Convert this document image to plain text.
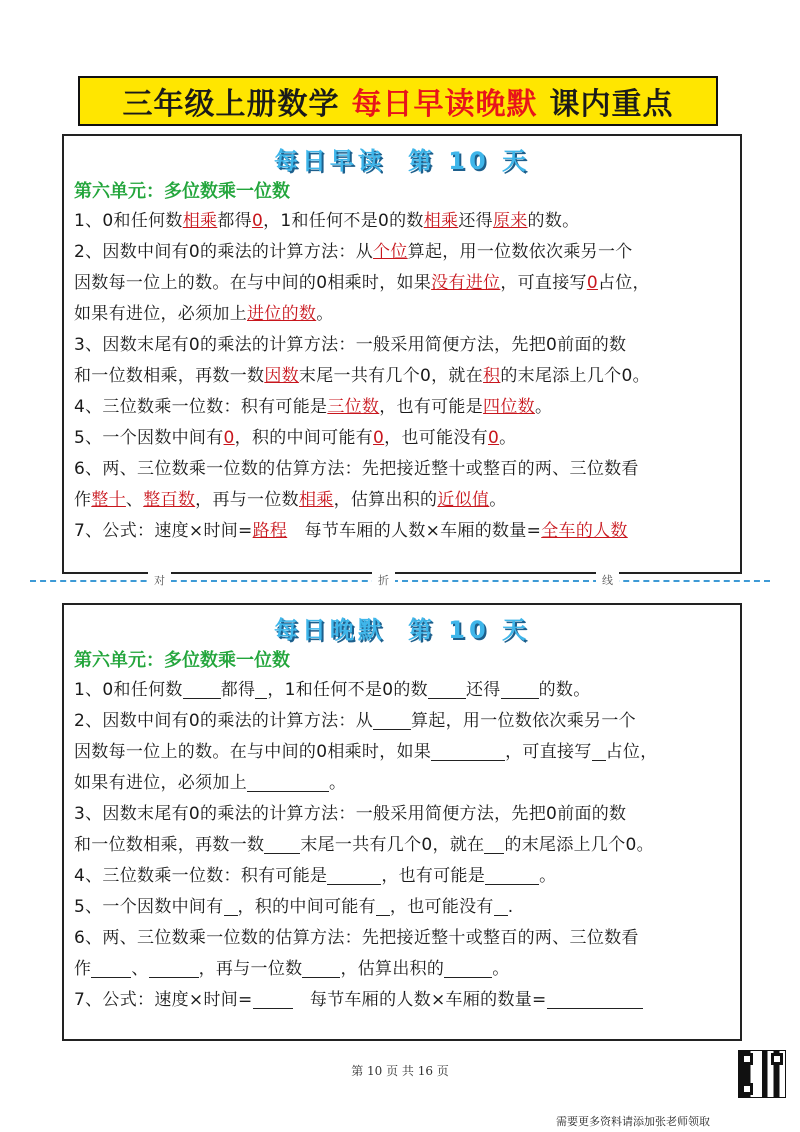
三年级上册数学 每日早读晚默 课内重点
每日早读 第 10 天
第六单元：多位数乘一位数
1、0和任何数相乘都得0，1和任何不是0的数相乘还得原来的数。
2、因数中间有0的乘法的计算方法：从个位算起，用一位数依次乘另一个
因数每一位上的数。在与中间的0相乘时，如果没有进位，可直接写0占位，
如果有进位，必须加上进位的数。
3、因数末尾有0的乘法的计算方法：一般采用简便方法，先把0前面的数
和一位数相乘，再数一数因数末尾一共有几个0，就在积的末尾添上几个0。
4、三位数乘一位数：积有可能是三位数，也有可能是四位数。
5、一个因数中间有0，积的中间可能有0，也可能没有0。
6、两、三位数乘一位数的估算方法：先把接近整十或整百的两、三位数看
作整十、整百数，再与一位数相乘，估算出积的近似值。
7、公式：速度×时间=路程　每节车厢的人数×车厢的数量=全车的人数
对	折	线
每日晚默 第 10 天
第六单元：多位数乘一位数
1、0和任何数 都得 ，1和任何不是0的数 还得 的数。
2、因数中间有0的乘法的计算方法：从 算起，用一位数依次乘另一个
因数每一位上的数。在与中间的0相乘时，如果	，可直接写 占位，
如果有进位，必须加上	。
3、因数末尾有0的乘法的计算方法：一般采用简便方法，先把0前面的数
和一位数相乘，再数一数 末尾一共有几个0，就在 的末尾添上几个0。
4、三位数乘一位数：积有可能是	，也有可能是	。
5、一个因数中间有 ，积的中间可能有 ，也可能没有 .
6、两、三位数乘一位数的估算方法：先把接近整十或整百的两、三位数看
作 、	，再与一位数 ，估算出积的	。
7、公式：速度×时间=　每节车厢的人数×车厢的数量=
第 10 页 共 16 页
需要更多资料请添加张老师领取
